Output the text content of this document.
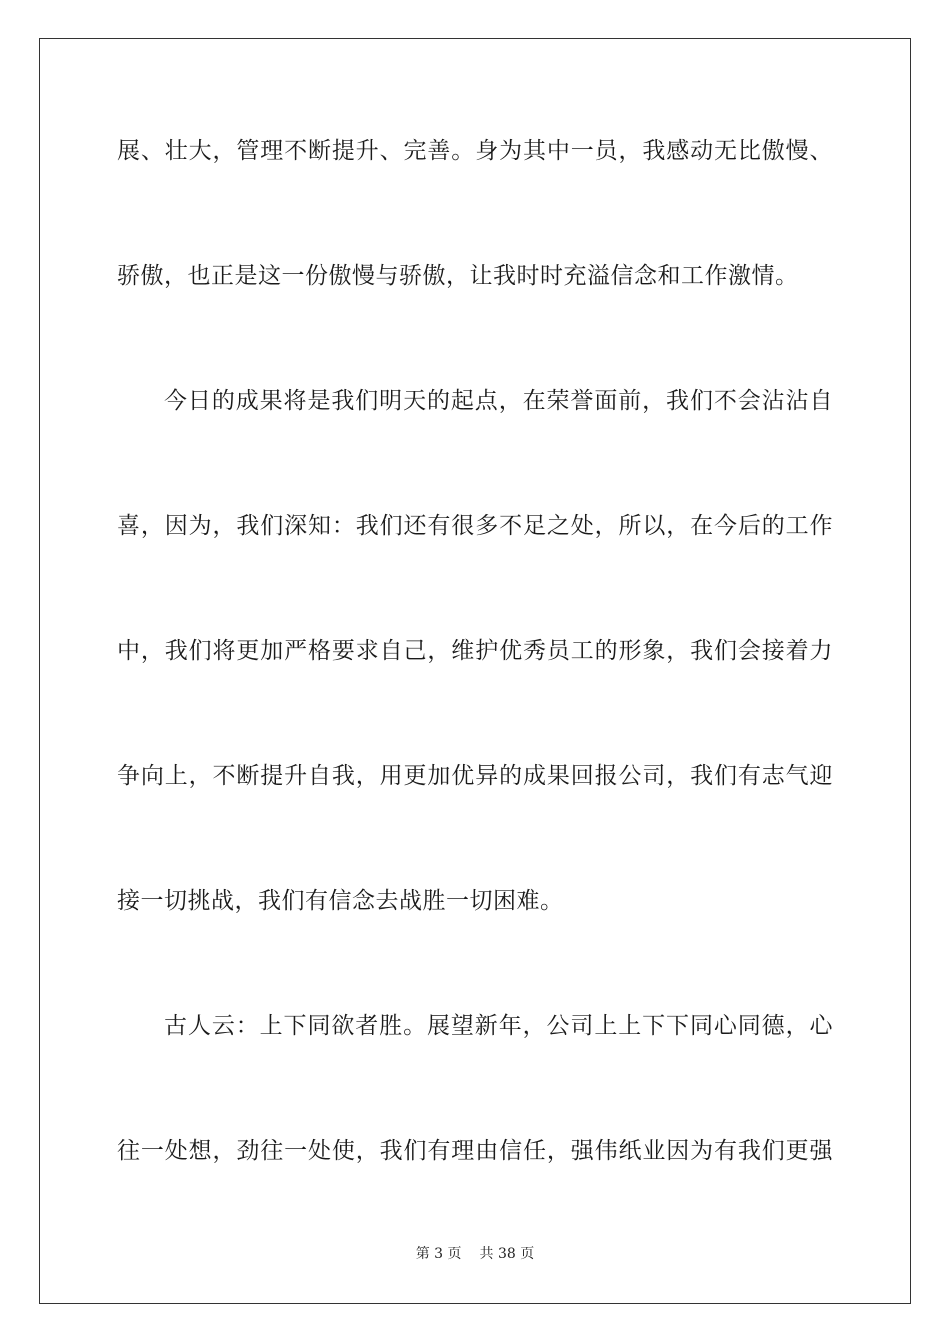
展、壮大，管理不断提升、完善。身为其中一员，我感动无比傲慢、
骄傲，也正是这一份傲慢与骄傲，让我时时充溢信念和工作激情。
今日的成果将是我们明天的起点，在荣誉面前，我们不会沾沾自
喜，因为，我们深知：我们还有很多不足之处，所以，在今后的工作
中，我们将更加严格要求自己，维护优秀员工的形象，我们会接着力
争向上，不断提升自我，用更加优异的成果回报公司，我们有志气迎
接一切挑战，我们有信念去战胜一切困难。
古人云：上下同欲者胜。展望新年，公司上上下下同心同德，心
往一处想，劲往一处使，我们有理由信任，强伟纸业因为有我们更强
第 3 页 共 38 页
